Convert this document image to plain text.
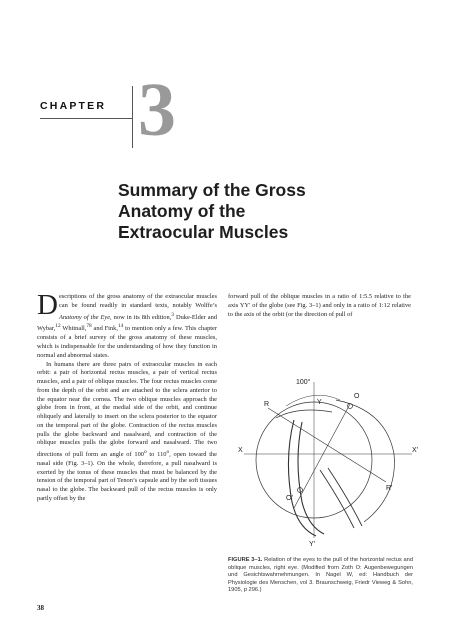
CHAPTER 3
Summary of the Gross
Anatomy of the
Extraocular Muscles

Descriptions of the gross anatomy of the extraocular muscles can be found readily in standard texts, notably Wolffe’s Anatomy of the Eye, now in its 8th edition,$^3$ Duke-Elder and Wybar,$^{12}$ Whitnall,$^{78}$ and Fink,$^{14}$ to mention only a few. This chapter consists of a brief survey of the gross anatomy of these muscles, which is indispensable for the understanding of how they function in normal and abnormal states.

In humans there are three pairs of extraocular muscles in each orbit: a pair of horizontal rectus muscles, a pair of vertical rectus muscles, and a pair of oblique muscles. The four rectus muscles come from the depth of the orbit and are attached to the sclera anterior to the equator near the cornea. The two oblique muscles approach the globe from in front, at the medial side of the orbit, and continue obliquely and laterally to insert on the sclera posterior to the equator on the temporal part of the globe. Contraction of the rectus muscles pulls the globe backward and nasalward, and contraction of the oblique muscles pulls the globe forward and nasalward. The two directions of pull form an angle of 100$^o$ to 110$^o$, open toward the nasal side (Fig. 3–1). On the whole, therefore, a pull nasalward is exerted by the tonus of these muscles that must be balanced by the tension of the temporal part of Tenon’s capsule and by the soft tissues nasal to the globe. The backward pull of the rectus muscles is only partly offset by the

forward pull of the oblique muscles in a ratio of 1:5.5 relative to the axis YY′ of the globe (see Fig. 3–1) and only in a ratio of 1:12 relative to the axis of the orbit (or the direction of pull of

100°
Y
Y′
X	X′
R
R′
O
O′
FIGURE 3–1. Relation of the eyes to the pull of the horizontal rectus and oblique muscles, right eye. (Modified from Zoth O: Augenbewegungen und Gesichtswahrnehmungen. In Nagel W, ed: Handbuch der Physiologie des Menschen, vol 3. Braunschweig, Friedr Vieweg & Sohn, 1905, p 296.)
38
